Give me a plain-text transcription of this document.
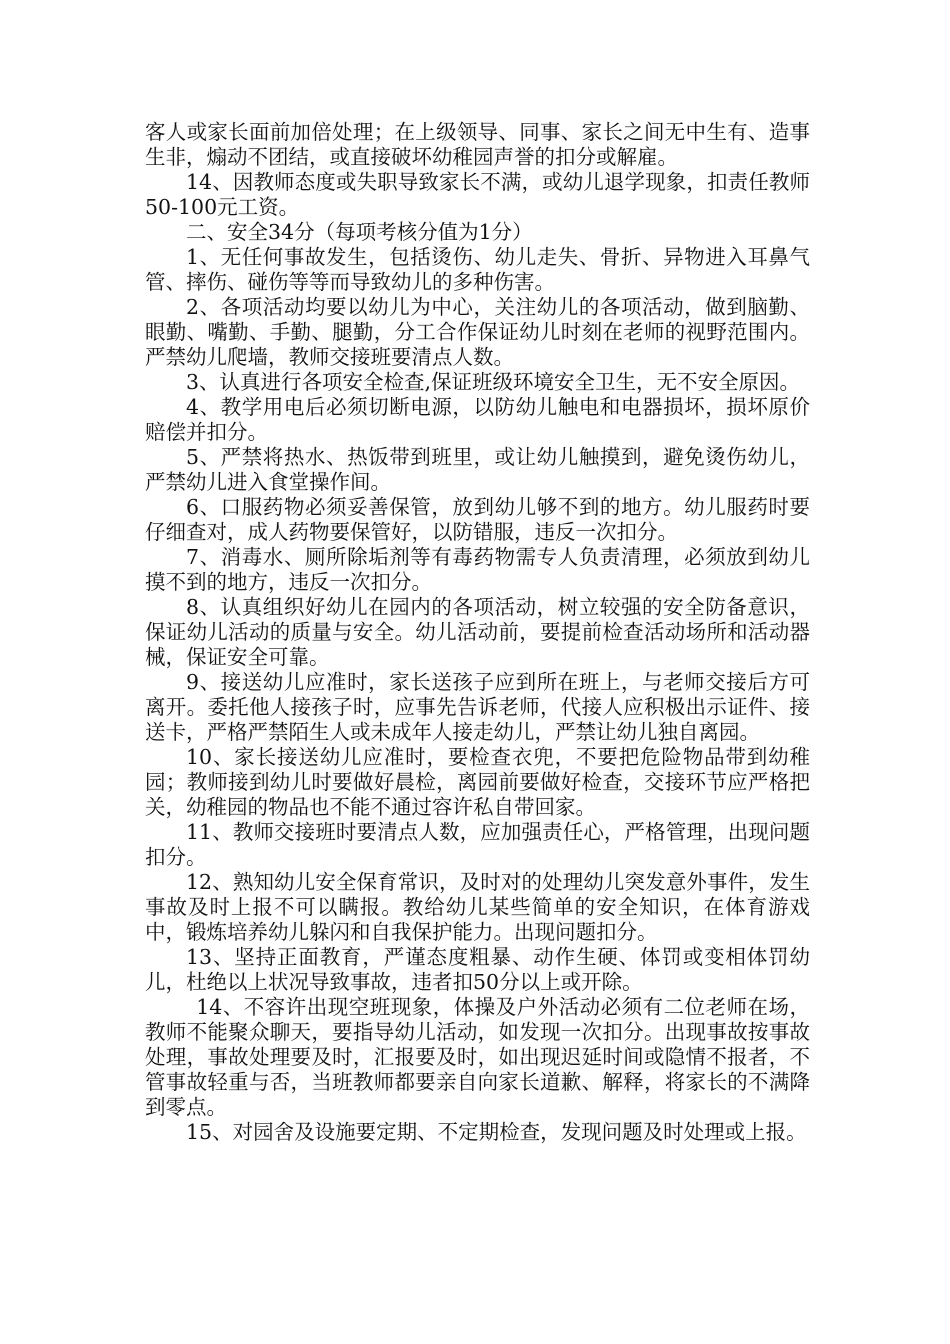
客人或家长面前加倍处理；在上级领导、同事、家长之间无中生有、造事生非，煽动不团结，或直接破坏幼稚园声誉的扣分或解雇。

14、因教师态度或失职导致家长不满，或幼儿退学现象，扣责任教师50-100元工资。

二、安全34分（每项考核分值为1分）

1、无任何事故发生，包括烫伤、幼儿走失、骨折、异物进入耳鼻气管、摔伤、碰伤等等而导致幼儿的多种伤害。

2、各项活动均要以幼儿为中心，关注幼儿的各项活动，做到脑勤、眼勤、嘴勤、手勤、腿勤，分工合作保证幼儿时刻在老师的视野范围内。严禁幼儿爬墙，教师交接班要清点人数。

3、认真进行各项安全检查,保证班级环境安全卫生，无不安全原因。

4、教学用电后必须切断电源，以防幼儿触电和电器损坏，损坏原价赔偿并扣分。

5、严禁将热水、热饭带到班里，或让幼儿触摸到，避免烫伤幼儿，严禁幼儿进入食堂操作间。

6、口服药物必须妥善保管，放到幼儿够不到的地方。幼儿服药时要仔细查对，成人药物要保管好，以防错服，违反一次扣分。

7、消毒水、厕所除垢剂等有毒药物需专人负责清理，必须放到幼儿摸不到的地方，违反一次扣分。

8、认真组织好幼儿在园内的各项活动，树立较强的安全防备意识，保证幼儿活动的质量与安全。幼儿活动前，要提前检查活动场所和活动器械，保证安全可靠。

9、接送幼儿应准时，家长送孩子应到所在班上，与老师交接后方可离开。委托他人接孩子时，应事先告诉老师，代接人应积极出示证件、接送卡，严格严禁陌生人或未成年人接走幼儿，严禁让幼儿独自离园。

10、家长接送幼儿应准时，要检查衣兜，不要把危险物品带到幼稚园；教师接到幼儿时要做好晨检，离园前要做好检查，交接环节应严格把关，幼稚园的物品也不能不通过容许私自带回家。

11、教师交接班时要清点人数，应加强责任心，严格管理，出现问题扣分。

12、熟知幼儿安全保育常识，及时对的处理幼儿突发意外事件，发生事故及时上报不可以瞒报。教给幼儿某些简单的安全知识，在体育游戏中，锻炼培养幼儿躲闪和自我保护能力。出现问题扣分。

13、坚持正面教育，严谨态度粗暴、动作生硬、体罚或变相体罚幼儿，杜绝以上状况导致事故，违者扣50分以上或开除。

14、不容许出现空班现象，体操及户外活动必须有二位老师在场，教师不能聚众聊天，要指导幼儿活动，如发现一次扣分。出现事故按事故处理，事故处理要及时，汇报要及时，如出现迟延时间或隐情不报者，不管事故轻重与否，当班教师都要亲自向家长道歉、解释，将家长的不满降到零点。

15、对园舍及设施要定期、不定期检查，发现问题及时处理或上报。
